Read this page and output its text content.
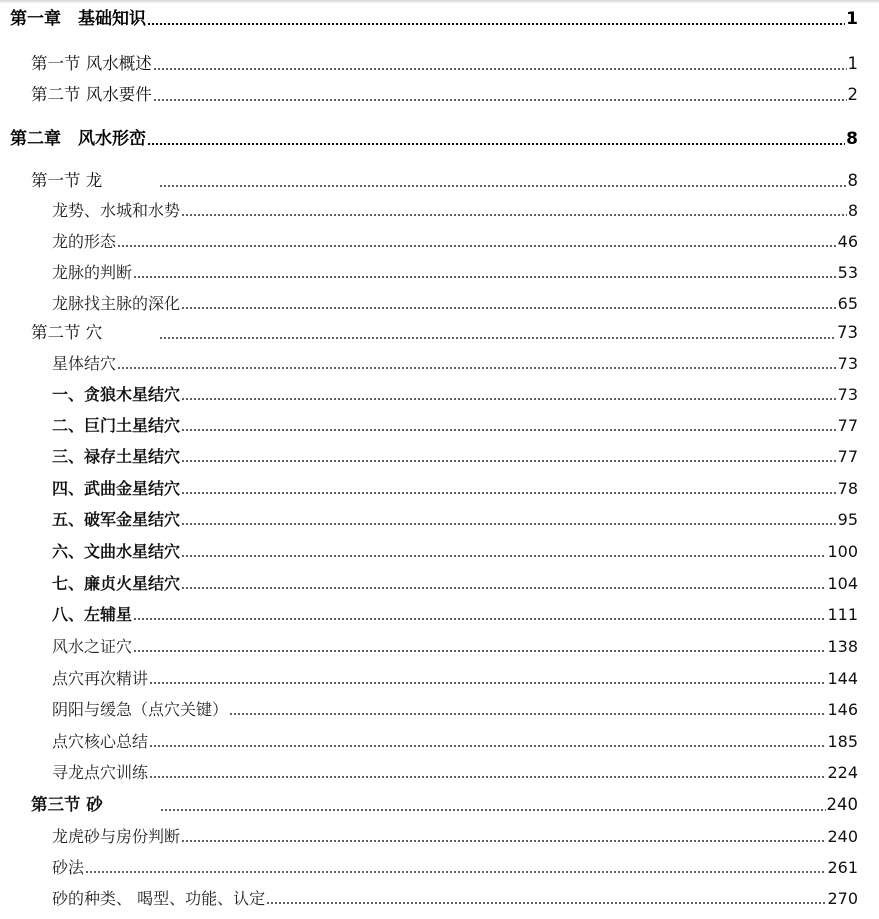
第一章　基础知识	1
第一节 风水概述	1
第二节 风水要件	2
第二章　风水形峦	8
第一节 龙	8
龙势、水城和水势	8
龙的形态	46
龙脉的判断	53
龙脉找主脉的深化	65
第二节 穴	73
星体结穴	73
一、贪狼木星结穴	73
二、巨门土星结穴	77
三、禄存土星结穴	77
四、武曲金星结穴	78
五、破军金星结穴	95
六、文曲水星结穴	100
七、廉贞火星结穴	104
八、左辅星	111
风水之证穴	138
点穴再次精讲	144
阴阳与缓急（点穴关键）	146
点穴核心总结	185
寻龙点穴训练	224
第三节 砂	240
龙虎砂与房份判断	240
砂法	261
砂的种类、 喝型、功能、认定	270
